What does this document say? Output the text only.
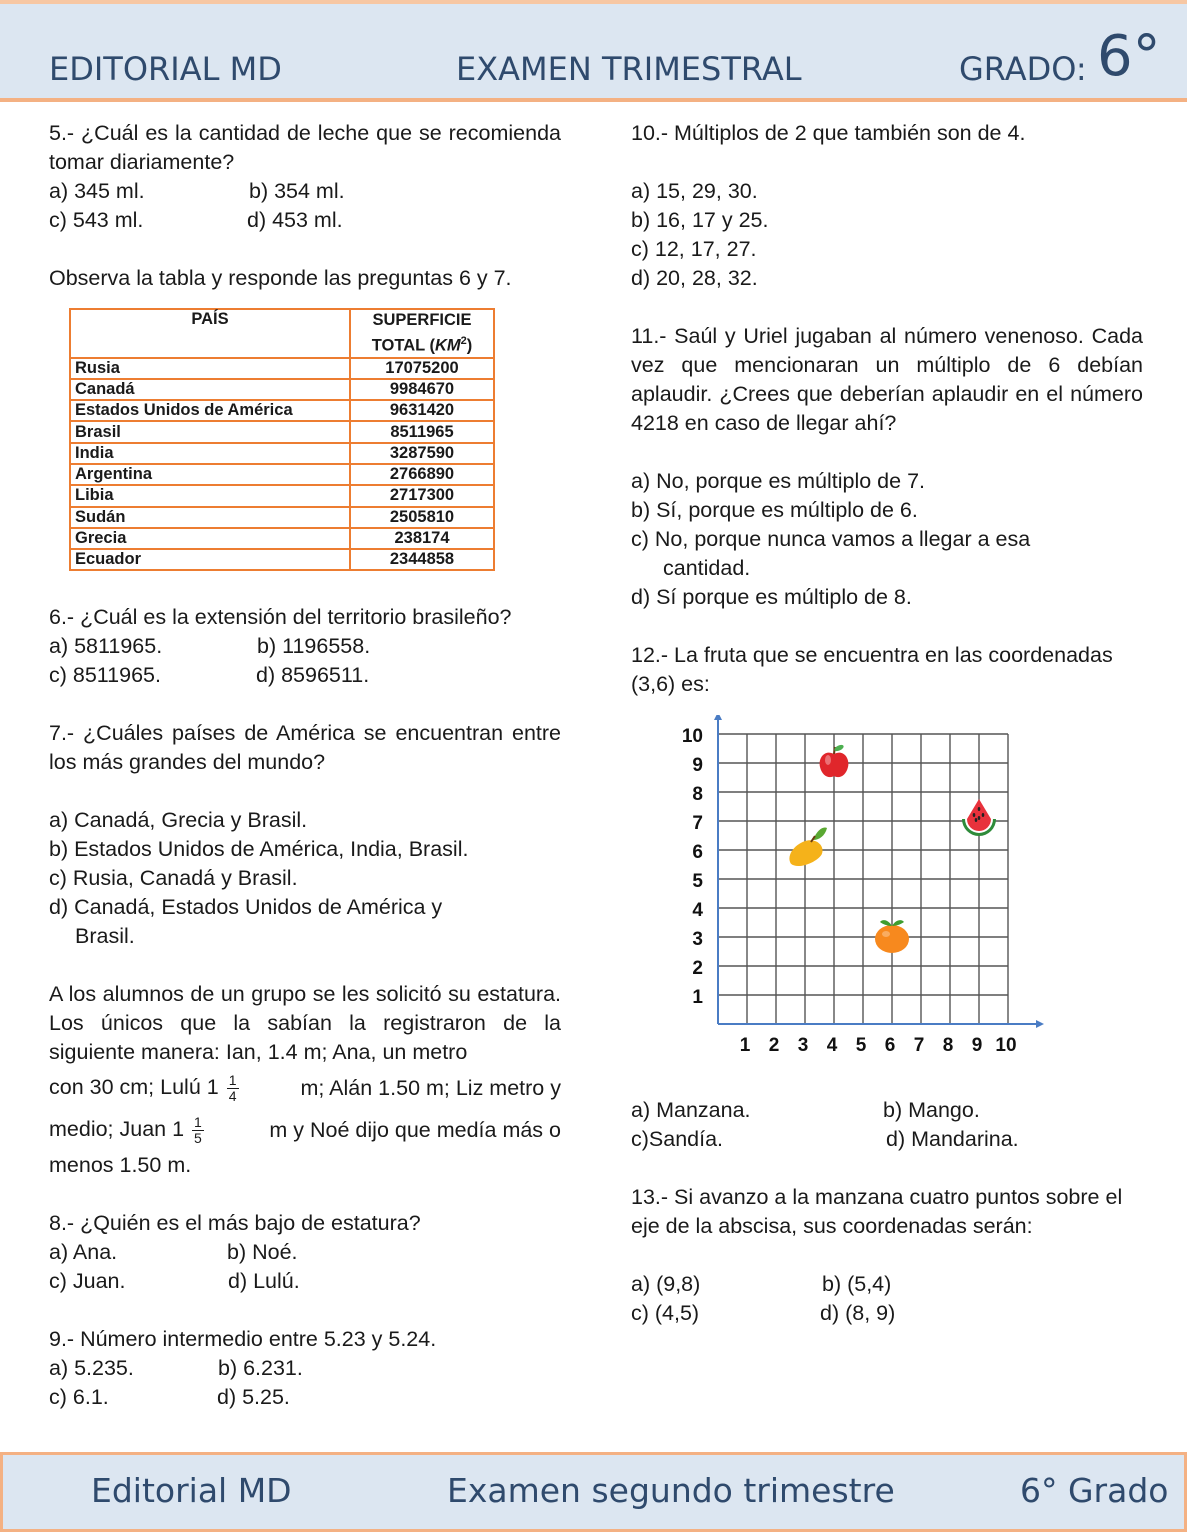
EDITORIAL MD	EXAMEN TRIMESTRAL	GRADO: 6°

5.- ¿Cuál es la cantidad de leche que se recomienda tomar diariamente?

a) 345 ml.	b) 354 ml.
c) 543 ml.	d) 453 ml.

Observa la tabla y responde las preguntas 6 y 7.

PAÍS	SUPERFICIE
TOTAL $(KM^2)$
Rusia	17075200
Canadá	9984670
Estados Unidos de América	9631420
Brasil	8511965
India	3287590
Argentina	2766890
Libia	2717300
Sudán	2505810
Grecia	238174
Ecuador	2344858

6.- ¿Cuál es la extensión del territorio brasileño?

a) 5811965.	b) 1196558.
c) 8511965.	d) 8596511.

7.- ¿Cuáles países de América se encuentran entre los más grandes del mundo?

a) Canadá, Grecia y Brasil.

b) Estados Unidos de América, India, Brasil.

c) Rusia, Canadá y Brasil.

d) Canadá, Estados Unidos de América y

Brasil.

A los alumnos de un grupo se les solicitó su estatura. Los únicos que la sabían la registraron de la siguiente manera: Ian, 1.4 m; Ana, un metro

con 30 cm; Lulú $1 \frac{1}{4}$	m; Alán 1.50 m; Liz metro y

medio; Juan $1 \frac{1}{5}$	m y Noé dijo que medía más o

menos 1.50 m.

8.- ¿Quién es el más bajo de estatura?

a) Ana.	b) Noé.
c) Juan.	d) Lulú.

9.- Número intermedio entre 5.23 y 5.24.

a) 5.235.	b) 6.231.
c) 6.1.	d) 5.25.

10.- Múltiplos de 2 que también son de 4.

a) 15, 29, 30.

b) 16, 17 y 25.

c) 12, 17, 27.

d) 20, 28, 32.

11.- Saúl y Uriel jugaban al número venenoso. Cada vez que mencionaran un múltiplo de 6 debían aplaudir. ¿Crees que deberían aplaudir en el número 4218 en caso de llegar ahí?

a) No, porque es múltiplo de 7.

b) Sí, porque es múltiplo de 6.

c) No, porque nunca vamos a llegar a esa

cantidad.

d) Sí porque es múltiplo de 8.

12.- La fruta que se encuentra en las coordenadas (3,6) es:

1 2 3 4 5 6 7 8 9 10
1
2
3
4
5
6
7
8
9
10
a) Manzana.	b) Mango.
c)Sandía.	d) Mandarina.

13.- Si avanzo a la manzana cuatro puntos sobre el eje de la abscisa, sus coordenadas serán:

a) (9,8)	b) (5,4)
c) (4,5)	d) (8, 9)
Editorial MD	Examen segundo trimestre	6° Grado
